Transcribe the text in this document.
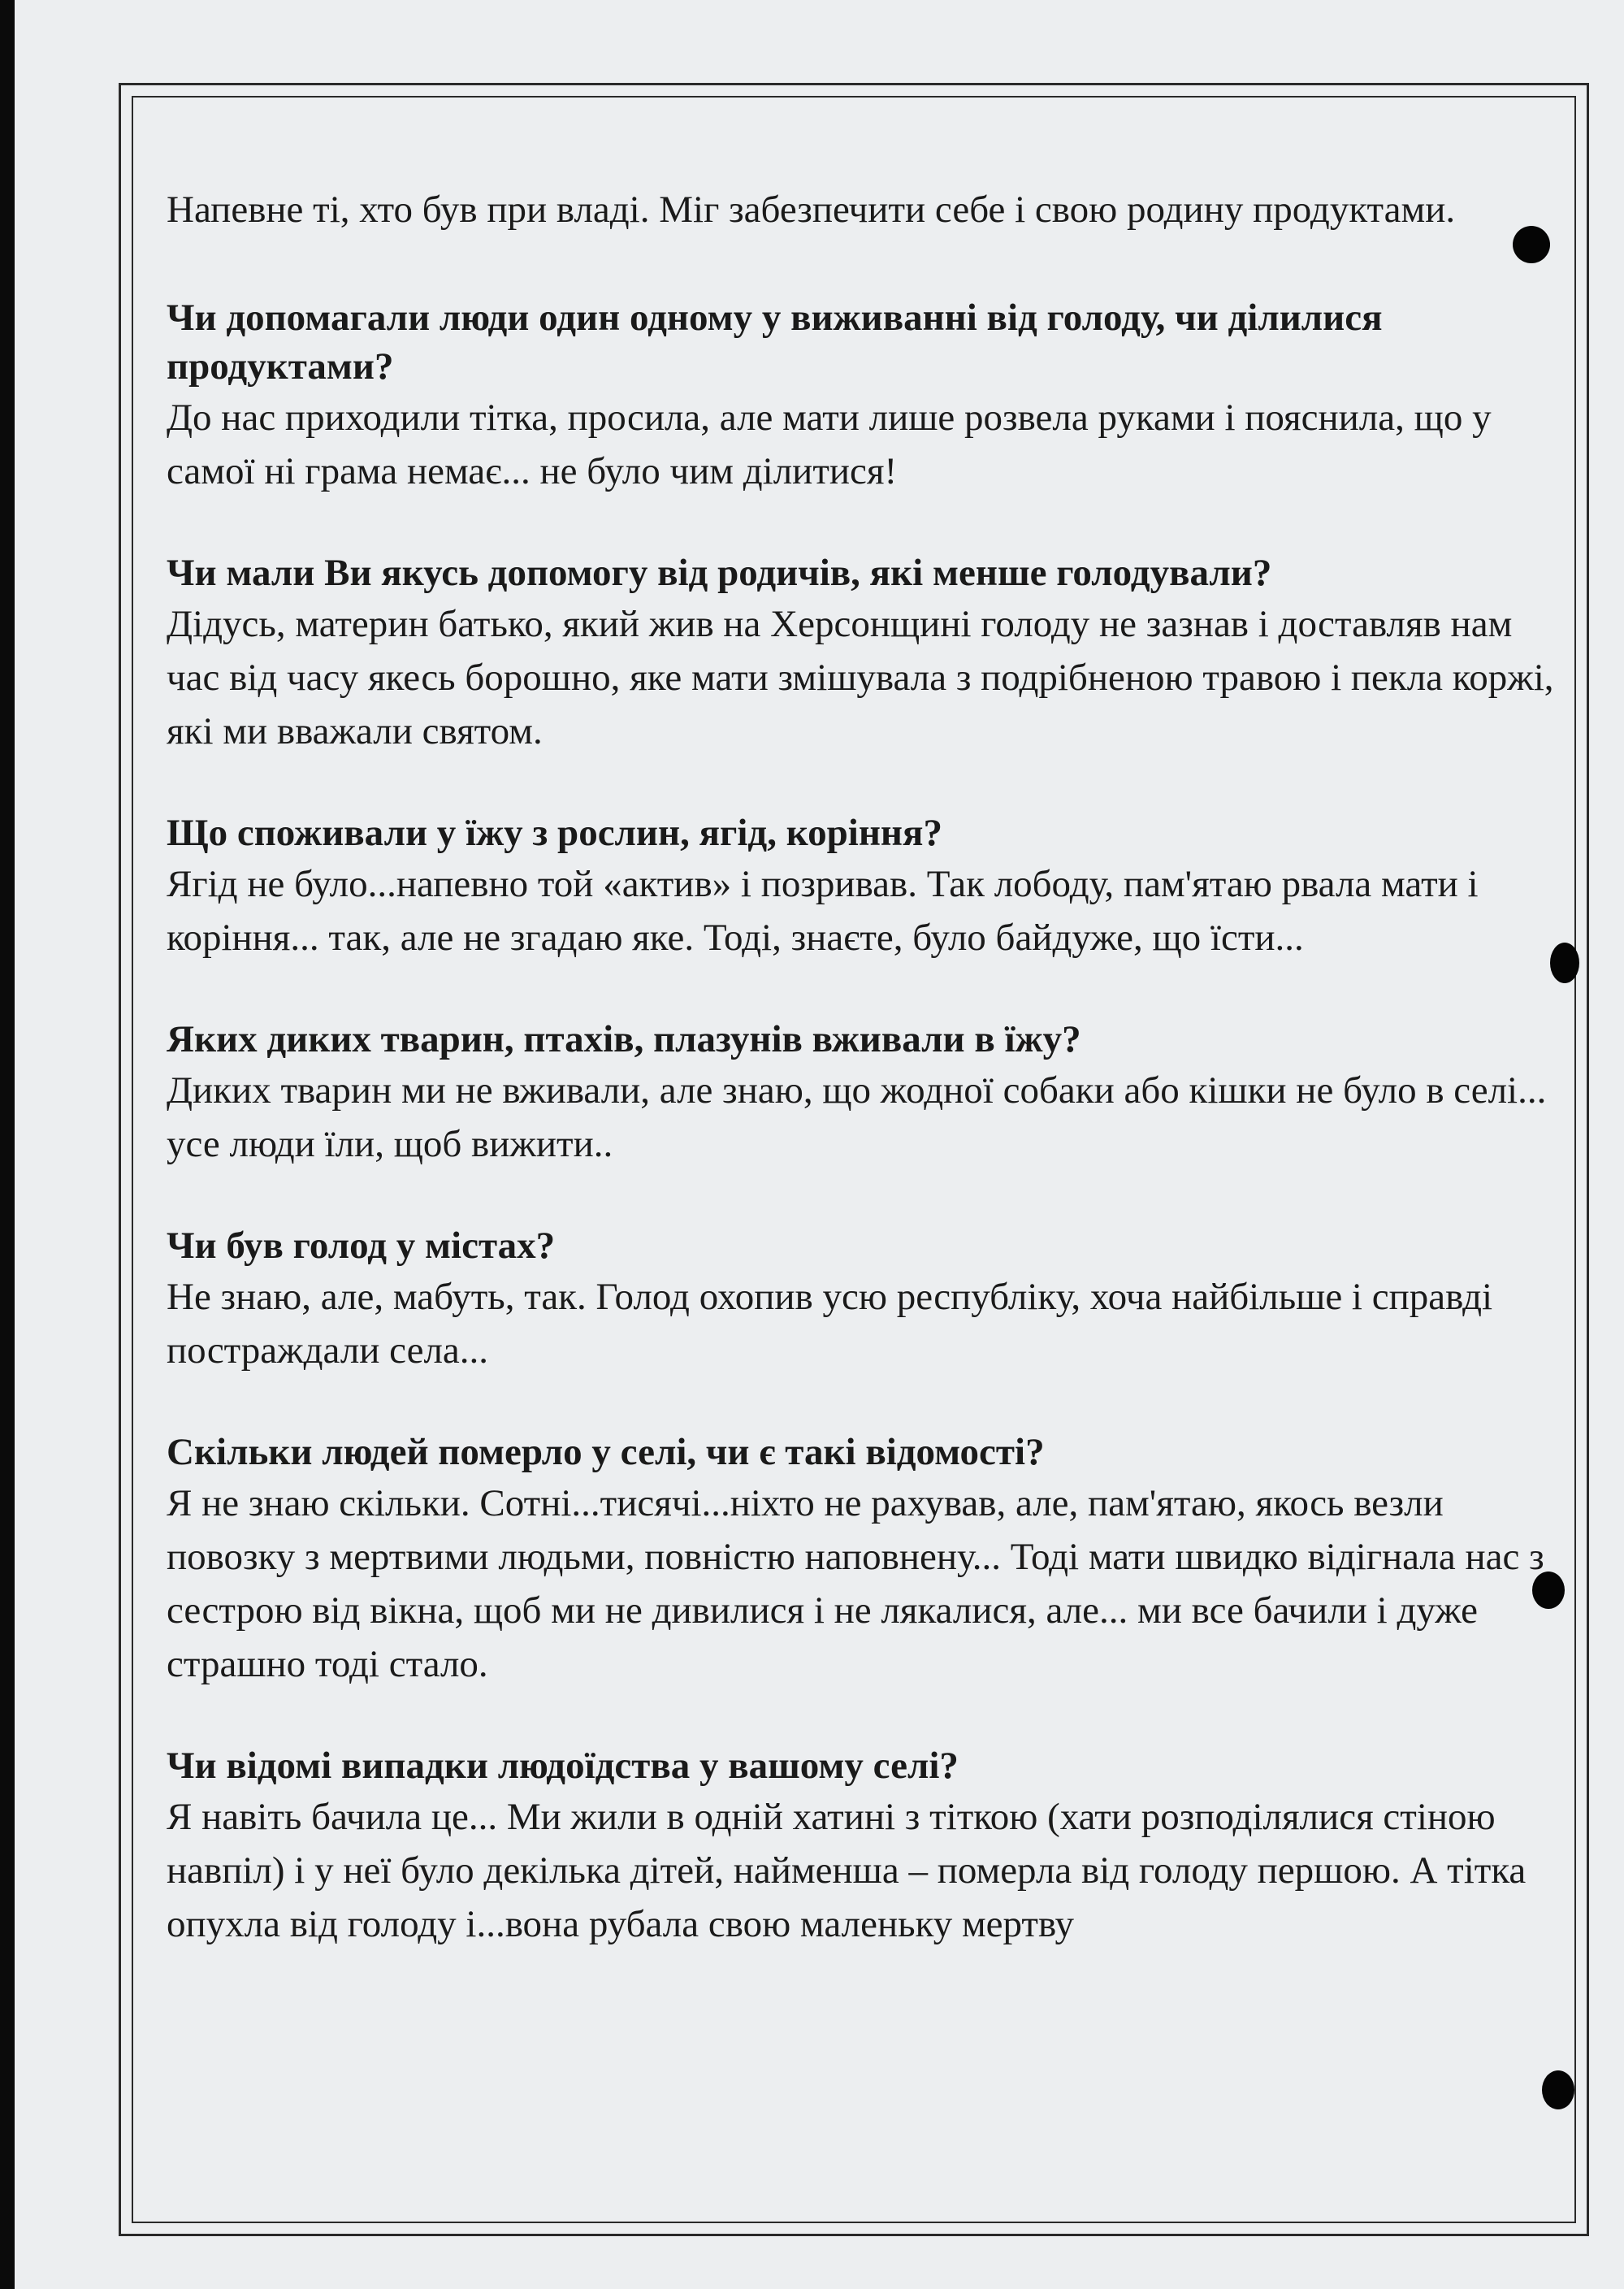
Напевне ті, хто був при владі. Міг забезпечити себе і свою родину продуктами.

Чи допомагали люди один одному у виживанні від голоду, чи ділилися продуктами?

До нас приходили тітка, просила, але мати лише розвела руками і пояснила, що у самої ні грама немає... не було чим ділитися!

Чи мали Ви якусь допомогу від родичів, які менше голодували?

Дідусь, материн батько, який жив на Херсонщині голоду не зазнав і доставляв нам час від часу якесь борошно, яке мати змішувала з подрібненою травою і пекла коржі, які ми вважали святом.

Що споживали у їжу з рослин, ягід, коріння?

Ягід не було...напевно той «актив» і позривав. Так лободу, пам'ятаю рвала мати і коріння... так, але не згадаю яке. Тоді, знаєте, було байдуже, що їсти...

Яких диких тварин, птахів, плазунів вживали в їжу?

Диких тварин ми не вживали, але знаю, що жодної собаки або кішки не було в селі... усе люди їли, щоб вижити..

Чи був голод у містах?

Не знаю, але, мабуть, так. Голод охопив усю республіку, хоча найбільше і справді постраждали села...

Скільки людей померло у селі, чи є такі відомості?

Я не знаю скільки. Сотні...тисячі...ніхто не рахував, але, пам'ятаю, якось везли повозку з мертвими людьми, повністю наповнену... Тоді мати швидко відігнала нас з сестрою від вікна, щоб ми не дивилися і не лякалися, але... ми все бачили і дуже страшно тоді стало.

Чи відомі випадки людоїдства у вашому селі?

Я навіть бачила це... Ми жили в одній хатині з тіткою (хати розподілялися стіною навпіл) і у неї було декілька дітей, найменша – померла від голоду першою. А тітка опухла від голоду і...вона рубала свою маленьку мертву
